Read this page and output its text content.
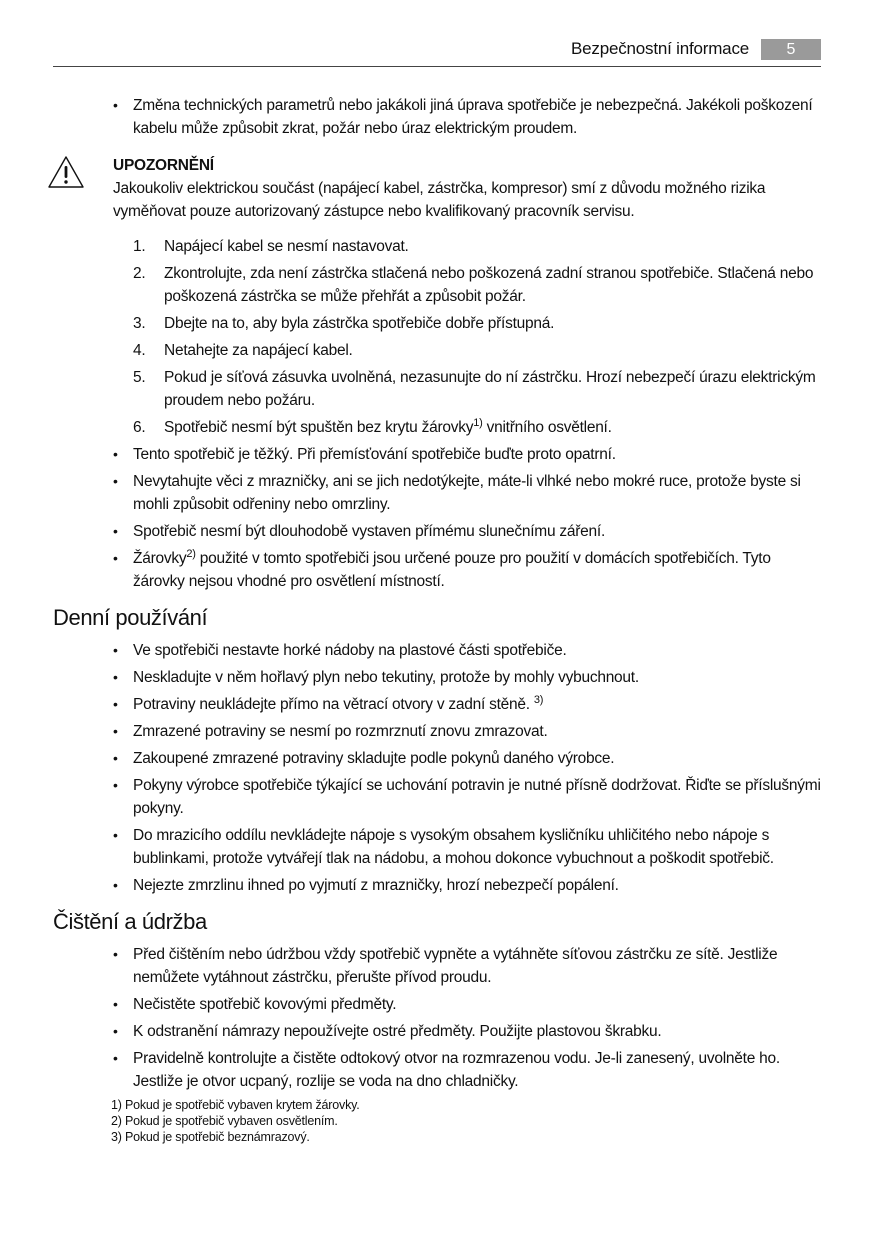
Bezpečnostní informace	5
• Změna technických parametrů nebo jakákoli jiná úprava spotřebiče je nebezpečná. Jakékoli poškození kabelu může způsobit zkrat, požár nebo úraz elektrickým proudem.
UPOZORNĚNÍ
Jakoukoliv elektrickou součást (napájecí kabel, zástrčka, kompresor) smí z důvodu možného rizika vyměňovat pouze autorizovaný zástupce nebo kvalifikovaný pracovník servisu.
1. Napájecí kabel se nesmí nastavovat.
2. Zkontrolujte, zda není zástrčka stlačená nebo poškozená zadní stranou spotřebiče. Stlačená nebo poškozená zástrčka se může přehřát a způsobit požár.
3. Dbejte na to, aby byla zástrčka spotřebiče dobře přístupná.
4. Netahejte za napájecí kabel.
5. Pokud je síťová zásuvka uvolněná, nezasunujte do ní zástrčku. Hrozí nebezpečí úrazu elektrickým proudem nebo požáru.
6. Spotřebič nesmí být spuštěn bez krytu žárovky$^{1)}$ vnitřního osvětlení.
• Tento spotřebič je těžký. Při přemísťování spotřebiče buďte proto opatrní.
• Nevytahujte věci z mrazničky, ani se jich nedotýkejte, máte-li vlhké nebo mokré ruce, protože byste si mohli způsobit odřeniny nebo omrzliny.
• Spotřebič nesmí být dlouhodobě vystaven přímému slunečnímu záření.
• Žárovky$^{2)}$ použité v tomto spotřebiči jsou určené pouze pro použití v domácích spotřebičích. Tyto žárovky nejsou vhodné pro osvětlení místností.
Denní používání
• Ve spotřebiči nestavte horké nádoby na plastové části spotřebiče.
• Neskladujte v něm hořlavý plyn nebo tekutiny, protože by mohly vybuchnout.
• Potraviny neukládejte přímo na větrací otvory v zadní stěně. $^{3)}$
• Zmrazené potraviny se nesmí po rozmrznutí znovu zmrazovat.
• Zakoupené zmrazené potraviny skladujte podle pokynů daného výrobce.
• Pokyny výrobce spotřebiče týkající se uchování potravin je nutné přísně dodržovat. Řiďte se příslušnými pokyny.
• Do mrazicího oddílu nevkládejte nápoje s vysokým obsahem kysličníku uhličitého nebo nápoje s bublinkami, protože vytvářejí tlak na nádobu, a mohou dokonce vybuchnout a poškodit spotřebič.
• Nejezte zmrzlinu ihned po vyjmutí z mrazničky, hrozí nebezpečí popálení.
Čištění a údržba
• Před čištěním nebo údržbou vždy spotřebič vypněte a vytáhněte síťovou zástrčku ze sítě. Jestliže nemůžete vytáhnout zástrčku, přerušte přívod proudu.
• Nečistěte spotřebič kovovými předměty.
• K odstranění námrazy nepoužívejte ostré předměty. Použijte plastovou škrabku.
• Pravidelně kontrolujte a čistěte odtokový otvor na rozmrazenou vodu. Je-li zanesený, uvolněte ho. Jestliže je otvor ucpaný, rozlije se voda na dno chladničky.
1) Pokud je spotřebič vybaven krytem žárovky.
2) Pokud je spotřebič vybaven osvětlením.
3) Pokud je spotřebič beznámrazový.
